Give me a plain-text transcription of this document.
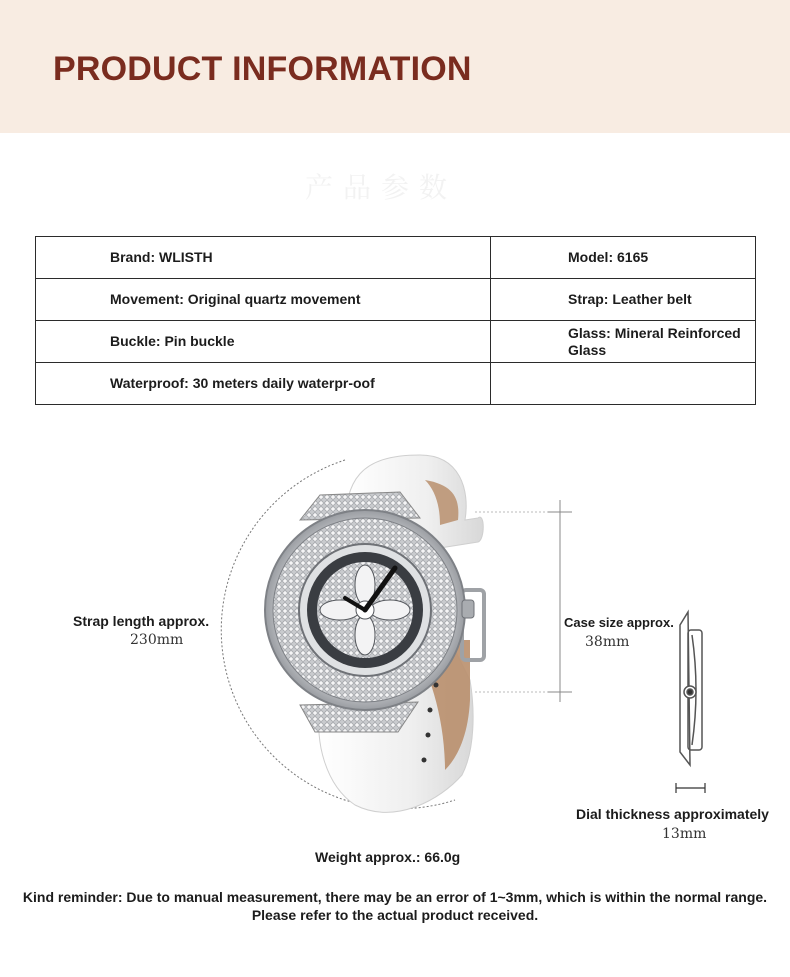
PRODUCT INFORMATION
产品参数
Brand: WLISTH	Model: 6165
Movement: Original quartz movement	Strap: Leather belt
Buckle: Pin buckle	Glass: Mineral Reinforced Glass
Waterproof: 30 meters daily waterpr-oof	
Strap length approx.
230mm
Case size approx.
38mm
Dial thickness approximately
13mm
Weight approx.: 66.0g
Kind reminder: Due to manual measurement, there may be an error of 1~3mm, which is within the normal range.
Please refer to the actual product received.
